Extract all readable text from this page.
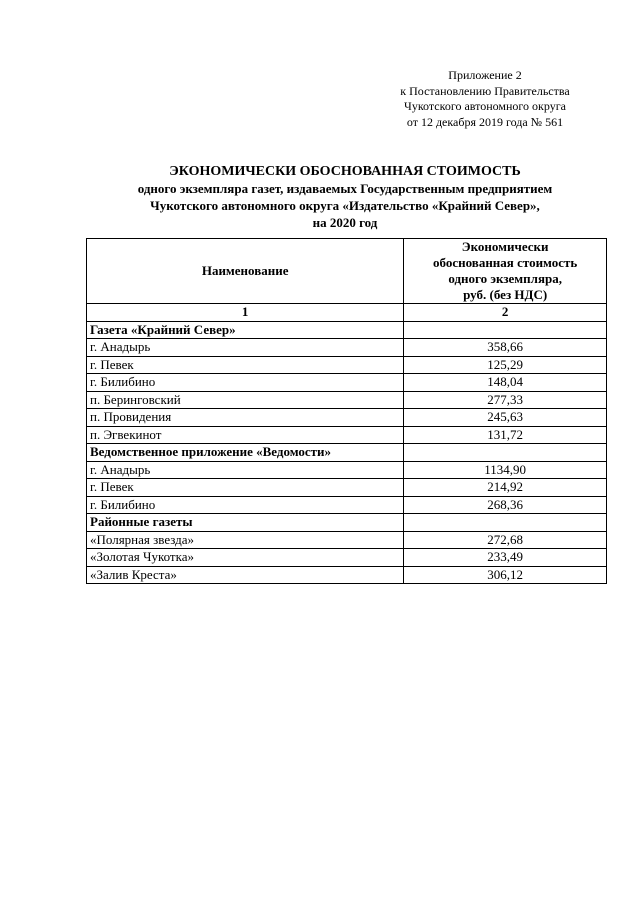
Приложение 2
к Постановлению Правительства
Чукотского автономного округа
от 12 декабря 2019 года № 561
ЭКОНОМИЧЕСКИ ОБОСНОВАННАЯ СТОИМОСТЬ
одного экземпляра газет, издаваемых Государственным предприятием
Чукотского автономного округа «Издательство «Крайний Север»,
на 2020 год
Наименование	Экономически
обоснованная стоимость
одного экземпляра,
руб. (без НДС)

1	2
Газета «Крайний Север»	
г. Анадырь	358,66
г. Певек	125,29
г. Билибино	148,04
п. Беринговский	277,33
п. Провидения	245,63
п. Эгвекинот	131,72
Ведомственное приложение «Ведомости»	
г. Анадырь	1134,90
г. Певек	214,92
г. Билибино	268,36
Районные газеты	
«Полярная звезда»	272,68
«Золотая Чукотка»	233,49
«Залив Креста»	306,12
